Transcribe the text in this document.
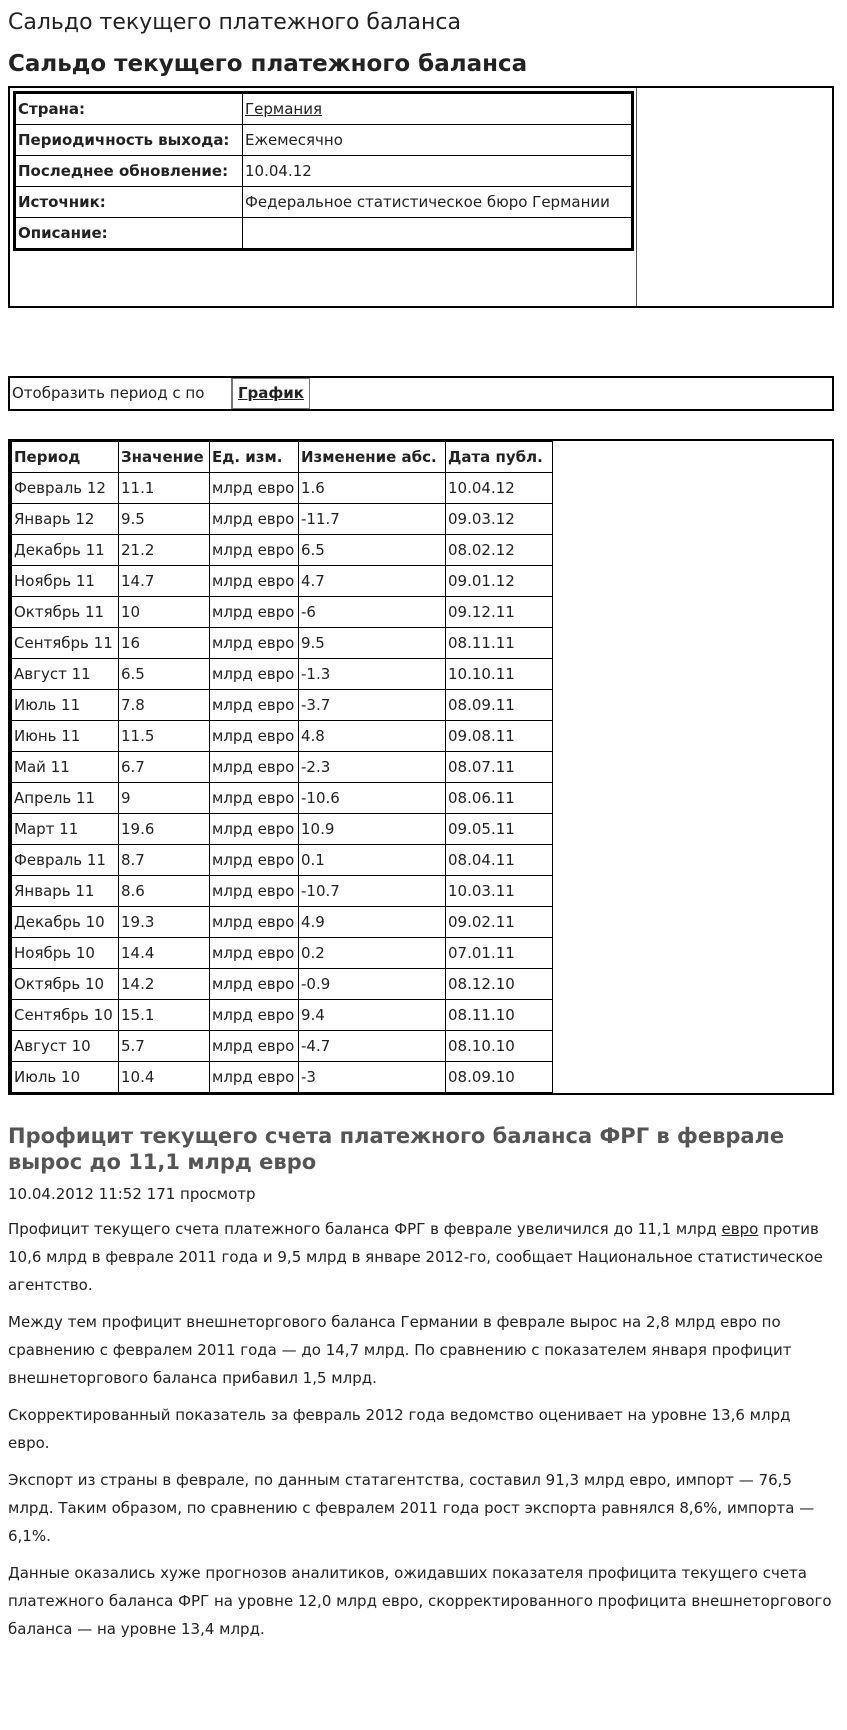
Сальдо текущего платежного баланса
Сальдо текущего платежного баланса
Страна:	Германия
Периодичность выхода:	Ежемесячно
Последнее обновление:	10.04.12
Источник:	Федеральное статистическое бюро Германии
Описание:	
Отобразить период с по	График
Период	Значение	Ед. изм.	Изменение абс.	Дата публ.
Февраль 12	11.1	млрд евро	1.6	10.04.12
Январь 12	9.5	млрд евро	-11.7	09.03.12
Декабрь 11	21.2	млрд евро	6.5	08.02.12
Ноябрь 11	14.7	млрд евро	4.7	09.01.12
Октябрь 11	10	млрд евро	-6	09.12.11
Сентябрь 11	16	млрд евро	9.5	08.11.11
Август 11	6.5	млрд евро	-1.3	10.10.11
Июль 11	7.8	млрд евро	-3.7	08.09.11
Июнь 11	11.5	млрд евро	4.8	09.08.11
Май 11	6.7	млрд евро	-2.3	08.07.11
Апрель 11	9	млрд евро	-10.6	08.06.11
Март 11	19.6	млрд евро	10.9	09.05.11
Февраль 11	8.7	млрд евро	0.1	08.04.11
Январь 11	8.6	млрд евро	-10.7	10.03.11
Декабрь 10	19.3	млрд евро	4.9	09.02.11
Ноябрь 10	14.4	млрд евро	0.2	07.01.11
Октябрь 10	14.2	млрд евро	-0.9	08.12.10
Сентябрь 10	15.1	млрд евро	9.4	08.11.10
Август 10	5.7	млрд евро	-4.7	08.10.10
Июль 10	10.4	млрд евро	-3	08.09.10
Профицит текущего счета платежного баланса ФРГ в феврале вырос до 11,1 млрд евро
10.04.2012 11:52 171 просмотр

Профицит текущего счета платежного баланса ФРГ в феврале увеличился до 11,1 млрд евро против 10,6 млрд в феврале 2011 года и 9,5 млрд в январе 2012-го, сообщает Национальное статистическое агентство.

Между тем профицит внешнеторгового баланса Германии в феврале вырос на 2,8 млрд евро по сравнению с февралем 2011 года — до 14,7 млрд. По сравнению с показателем января профицит внешнеторгового баланса прибавил 1,5 млрд.

Скорректированный показатель за февраль 2012 года ведомство оценивает на уровне 13,6 млрд евро.

Экспорт из страны в феврале, по данным статагентства, составил 91,3 млрд евро, импорт — 76,5 млрд. Таким образом, по сравнению с февралем 2011 года рост экспорта равнялся 8,6%, импорта — 6,1%.

Данные оказались хуже прогнозов аналитиков, ожидавших показателя профицита текущего счета платежного баланса ФРГ на уровне 12,0 млрд евро, скорректированного профицита внешнеторгового баланса — на уровне 13,4 млрд.
